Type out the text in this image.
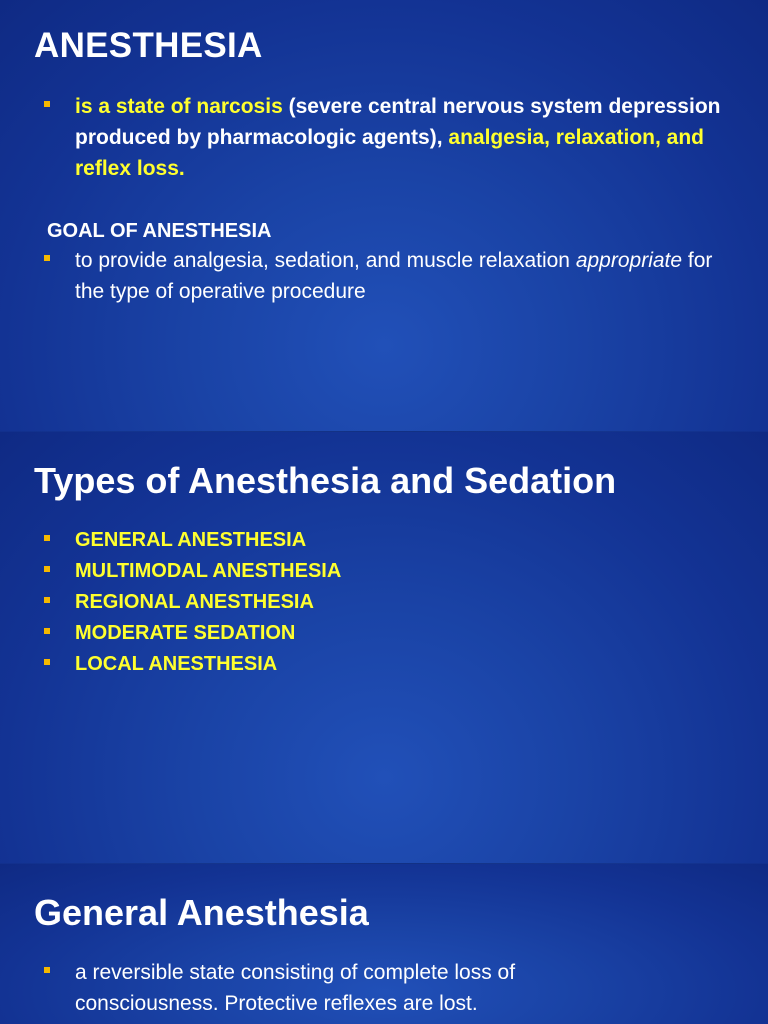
ANESTHESIA
is a state of narcosis (severe central nervous system depression produced by pharmacologic agents), analgesia, relaxation, and reflex loss.
GOAL OF ANESTHESIA
to provide analgesia, sedation, and muscle relaxation appropriate for the type of operative procedure
Types of Anesthesia and Sedation
GENERAL ANESTHESIA
MULTIMODAL ANESTHESIA
REGIONAL ANESTHESIA
MODERATE SEDATION
LOCAL ANESTHESIA
General Anesthesia
a reversible state consisting of complete loss of consciousness. Protective reflexes are lost.
